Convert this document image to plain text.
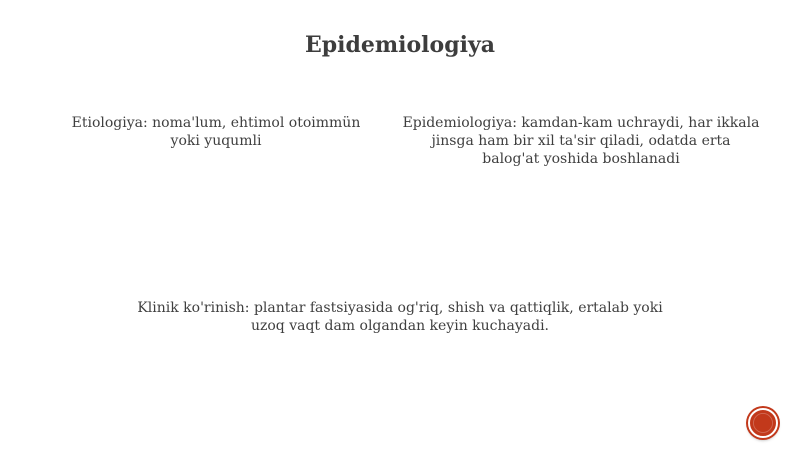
Epidemiologiya

Etiologiya: noma'lum, ehtimol otoimmün yoki yuqumli

Epidemiologiya: kamdan-kam uchraydi, har ikkala jinsga ham bir xil ta'sir qiladi, odatda erta balog'at yoshida boshlanadi

Klinik ko'rinish: plantar fastsiyasida og'riq, shish va qattiqlik, ertalab yoki uzoq vaqt dam olgandan keyin kuchayadi.
